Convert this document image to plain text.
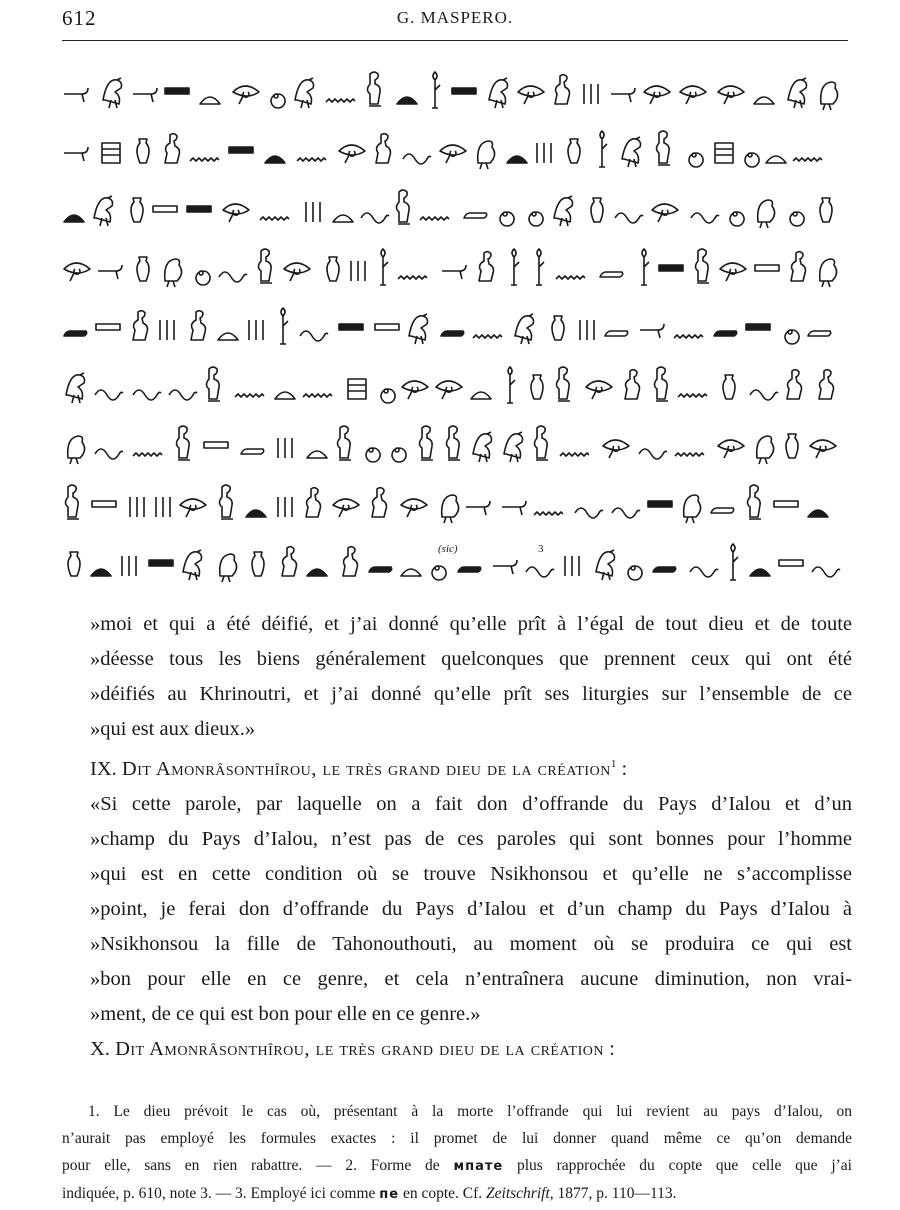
612	G. MASPERO.
(sic)	3
»moi et qui a été déifié, et j’ai donné qu’elle prît à l’égal de tout dieu et de toute
»déesse tous les biens généralement quelconques que prennent ceux qui ont été
»déifiés au Khrinoutri, et j’ai donné qu’elle prît ses liturgies sur l’ensemble de ce
»qui est aux dieux.»
IX. Dit Amonrâsonthîrou, le très grand dieu de la création$^1$ :
«Si cette parole, par laquelle on a fait don d’offrande du Pays d’Ialou et d’un
»champ du Pays d’Ialou, n’est pas de ces paroles qui sont bonnes pour l’homme
»qui est en cette condition où se trouve Nsikhonsou et qu’elle ne s’accomplisse
»point, je ferai don d’offrande du Pays d’Ialou et d’un champ du Pays d’Ialou à
»Nsikhonsou la fille de Tahonouthouti, au moment où se produira ce qui est
»bon pour elle en ce genre, et cela n’entraînera aucune diminution, non vrai-
»ment, de ce qui est bon pour elle en ce genre.»
X. Dit Amonrâsonthîrou, le très grand dieu de la création :
1. Le dieu prévoit le cas où, présentant à la morte l’offrande qui lui revient au pays d’Ialou, on
n’aurait pas employé les formules exactes : il promet de lui donner quand même ce qu’on demande
pour elle, sans en rien rabattre. — 2. Forme de мпате plus rapprochée du copte que celle que j’ai
indiquée, p. 610, note 3. — 3. Employé ici comme пе en copte. Cf. Zeitschrift, 1877, p. 110—113.
